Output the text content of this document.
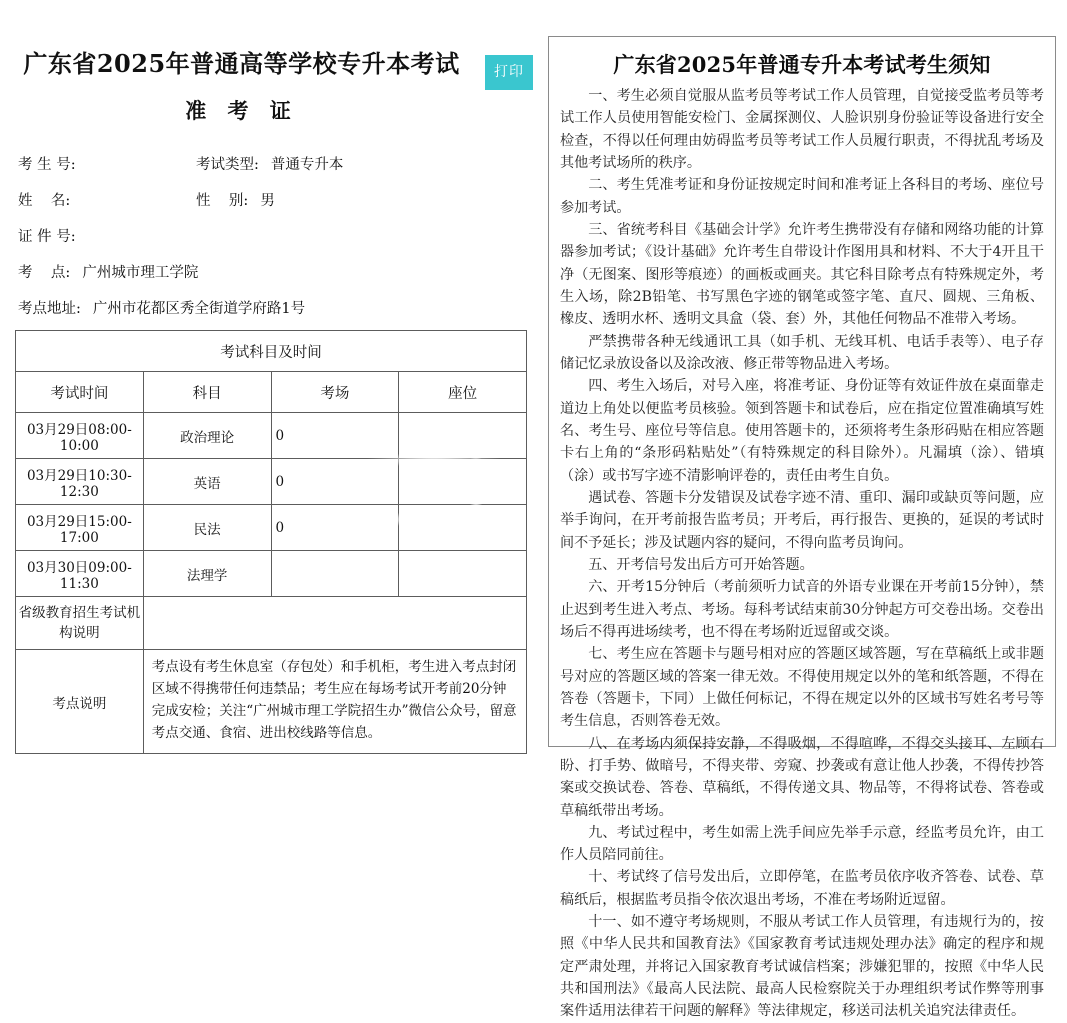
广东省2025年普通高等学校专升本考试
准 考 证
打印
考 生 号:	考试类型: 普通专升本
姓    名:	性    别: 男
证 件 号:
考    点: 广州城市理工学院
考点地址: 广州市花都区秀全街道学府路1号
考试科目及时间			
考试时间	科目	考场	座位
03月29日08:00-10:00	政治理论	0	
03月29日10:30-12:30	英语	0	
03月29日15:00-17:00	民法	0	
03月30日09:00-11:30	法理学		
省级教育招生考试机构说明			
考点说明	考点设有考生休息室（存包处）和手机柜，考生进入考点封闭区域不得携带任何违禁品；考生应在每场考试开考前20分钟完成安检；关注“广州城市理工学院招生办”微信公众号，留意考点交通、食宿、进出校线路等信息。		
广东省2025年普通专升本考试考生须知

一、考生必须自觉服从监考员等考试工作人员管理，自觉接受监考员等考试工作人员使用智能安检门、金属探测仪、人脸识别身份验证等设备进行安全检查，不得以任何理由妨碍监考员等考试工作人员履行职责，不得扰乱考场及其他考试场所的秩序。

二、考生凭准考证和身份证按规定时间和准考证上各科目的考场、座位号参加考试。

三、省统考科目《基础会计学》允许考生携带没有存储和网络功能的计算器参加考试；《设计基础》允许考生自带设计作图用具和材料、不大于4开且干净（无图案、图形等痕迹）的画板或画夹。其它科目除考点有特殊规定外，考生入场，除2B铅笔、书写黑色字迹的钢笔或签字笔、直尺、圆规、三角板、橡皮、透明水杯、透明文具盒（袋、套）外，其他任何物品不准带入考场。

严禁携带各种无线通讯工具（如手机、无线耳机、电话手表等）、电子存储记忆录放设备以及涂改液、修正带等物品进入考场。

四、考生入场后，对号入座，将准考证、身份证等有效证件放在桌面靠走道边上角处以便监考员核验。领到答题卡和试卷后，应在指定位置准确填写姓名、考生号、座位号等信息。使用答题卡的，还须将考生条形码贴在相应答题卡右上角的“条形码粘贴处”（有特殊规定的科目除外）。凡漏填（涂）、错填（涂）或书写字迹不清影响评卷的，责任由考生自负。

遇试卷、答题卡分发错误及试卷字迹不清、重印、漏印或缺页等问题，应举手询问，在开考前报告监考员；开考后，再行报告、更换的，延误的考试时间不予延长；涉及试题内容的疑问，不得向监考员询问。

五、开考信号发出后方可开始答题。

六、开考15分钟后（考前须听力试音的外语专业课在开考前15分钟），禁止迟到考生进入考点、考场。每科考试结束前30分钟起方可交卷出场。交卷出场后不得再进场续考，也不得在考场附近逗留或交谈。

七、考生应在答题卡与题号相对应的答题区域答题，写在草稿纸上或非题号对应的答题区域的答案一律无效。不得使用规定以外的笔和纸答题，不得在答卷（答题卡，下同）上做任何标记，不得在规定以外的区域书写姓名考号等考生信息，否则答卷无效。

八、在考场内须保持安静，不得吸烟，不得喧哗，不得交头接耳、左顾右盼、打手势、做暗号，不得夹带、旁窥、抄袭或有意让他人抄袭，不得传抄答案或交换试卷、答卷、草稿纸，不得传递文具、物品等，不得将试卷、答卷或草稿纸带出考场。

九、考试过程中，考生如需上洗手间应先举手示意，经监考员允许，由工作人员陪同前往。

十、考试终了信号发出后，立即停笔，在监考员依序收齐答卷、试卷、草稿纸后，根据监考员指令依次退出考场，不准在考场附近逗留。

十一、如不遵守考场规则，不服从考试工作人员管理，有违规行为的，按照《中华人民共和国教育法》《国家教育考试违规处理办法》确定的程序和规定严肃处理，并将记入国家教育考试诚信档案；涉嫌犯罪的，按照《中华人民共和国刑法》《最高人民法院、最高人民检察院关于办理组织考试作弊等刑事案件适用法律若干问题的解释》等法律规定，移送司法机关追究法律责任。
